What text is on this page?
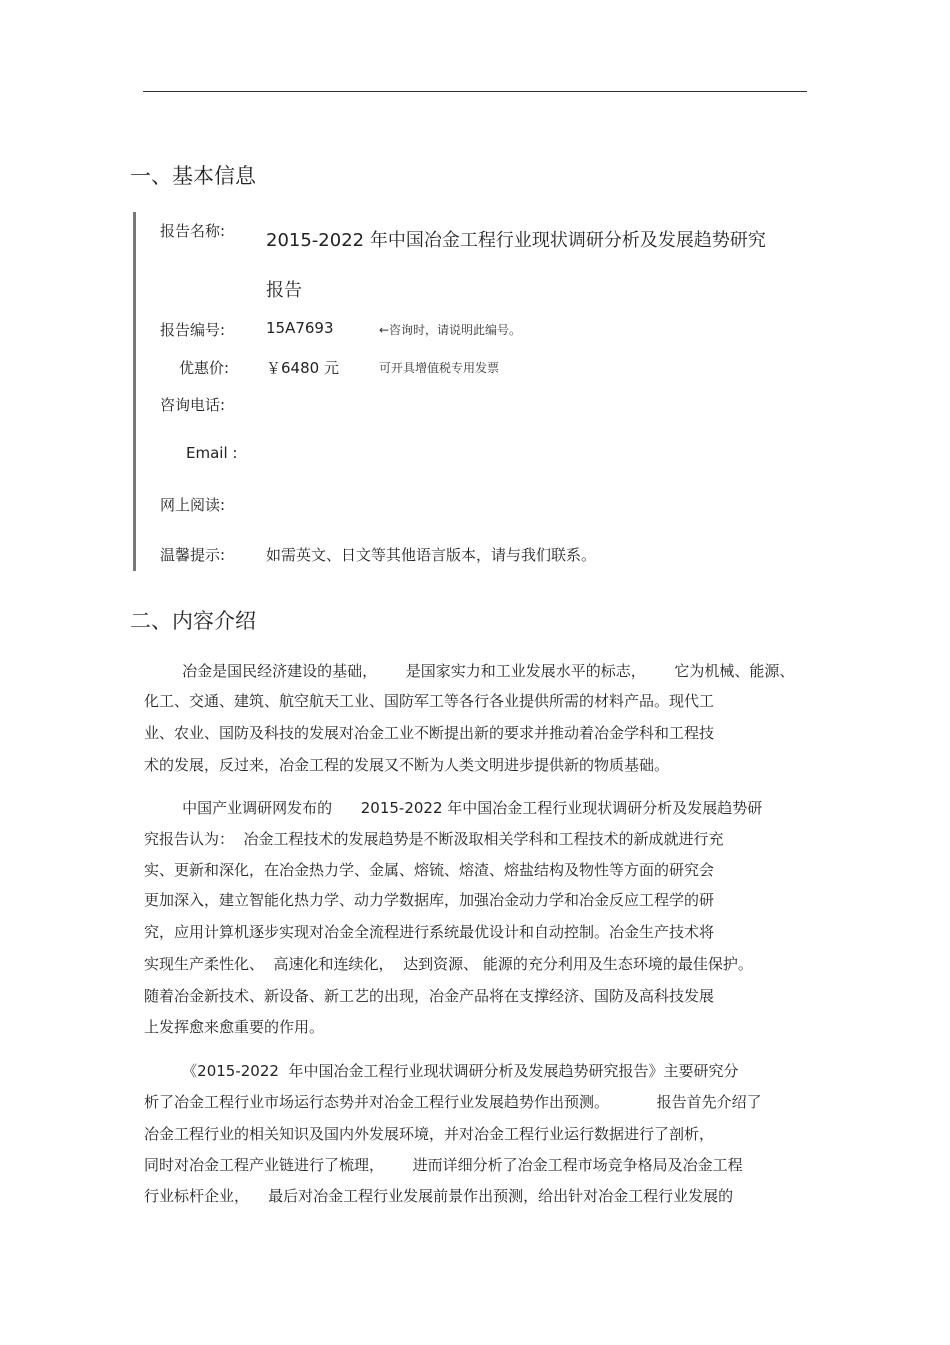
一、基本信息
报告名称: 2015-2022 年中国冶金工程行业现状调研分析及发展趋势研究
报告
报告编号:	15A7693	←咨询时，请说明此编号。
优惠价: ￥6480 元	可开具增值税专用发票
咨询电话:
Email :
网上阅读:
温馨提示:	如需英文、日文等其他语言版本，请与我们联系。
二、内容介绍
冶金是国民经济建设的基础，      是国家实力和工业发展水平的标志，      它为机械、能源、
化工、交通、建筑、航空航天工业、国防军工等各行各业提供所需的材料产品。现代工
业、农业、国防及科技的发展对冶金工业不断提出新的要求并推动着冶金学科和工程技
术的发展，反过来，冶金工程的发展又不断为人类文明进步提供新的物质基础。
中国产业调研网发布的      2015-2022 年中国冶金工程行业现状调研分析及发展趋势研
究报告认为：  冶金工程技术的发展趋势是不断汲取相关学科和工程技术的新成就进行充
实、更新和深化，在冶金热力学、金属、熔锍、熔渣、熔盐结构及物性等方面的研究会
更加深入，建立智能化热力学、动力学数据库，加强冶金动力学和冶金反应工程学的研
究，应用计算机逐步实现对冶金全流程进行系统最优设计和自动控制。冶金生产技术将
实现生产柔性化、  高速化和连续化，  达到资源、 能源的充分利用及生态环境的最佳保护。
随着冶金新技术、新设备、新工艺的出现，冶金产品将在支撑经济、国防及高科技发展
上发挥愈来愈重要的作用。
《2015-2022  年中国冶金工程行业现状调研分析及发展趋势研究报告》主要研究分
析了冶金工程行业市场运行态势并对冶金工程行业发展趋势作出预测。          报告首先介绍了
冶金工程行业的相关知识及国内外发展环境，并对冶金工程行业运行数据进行了剖析，
同时对冶金工程产业链进行了梳理，      进而详细分析了冶金工程市场竞争格局及冶金工程
行业标杆企业，    最后对冶金工程行业发展前景作出预测，给出针对冶金工程行业发展的
